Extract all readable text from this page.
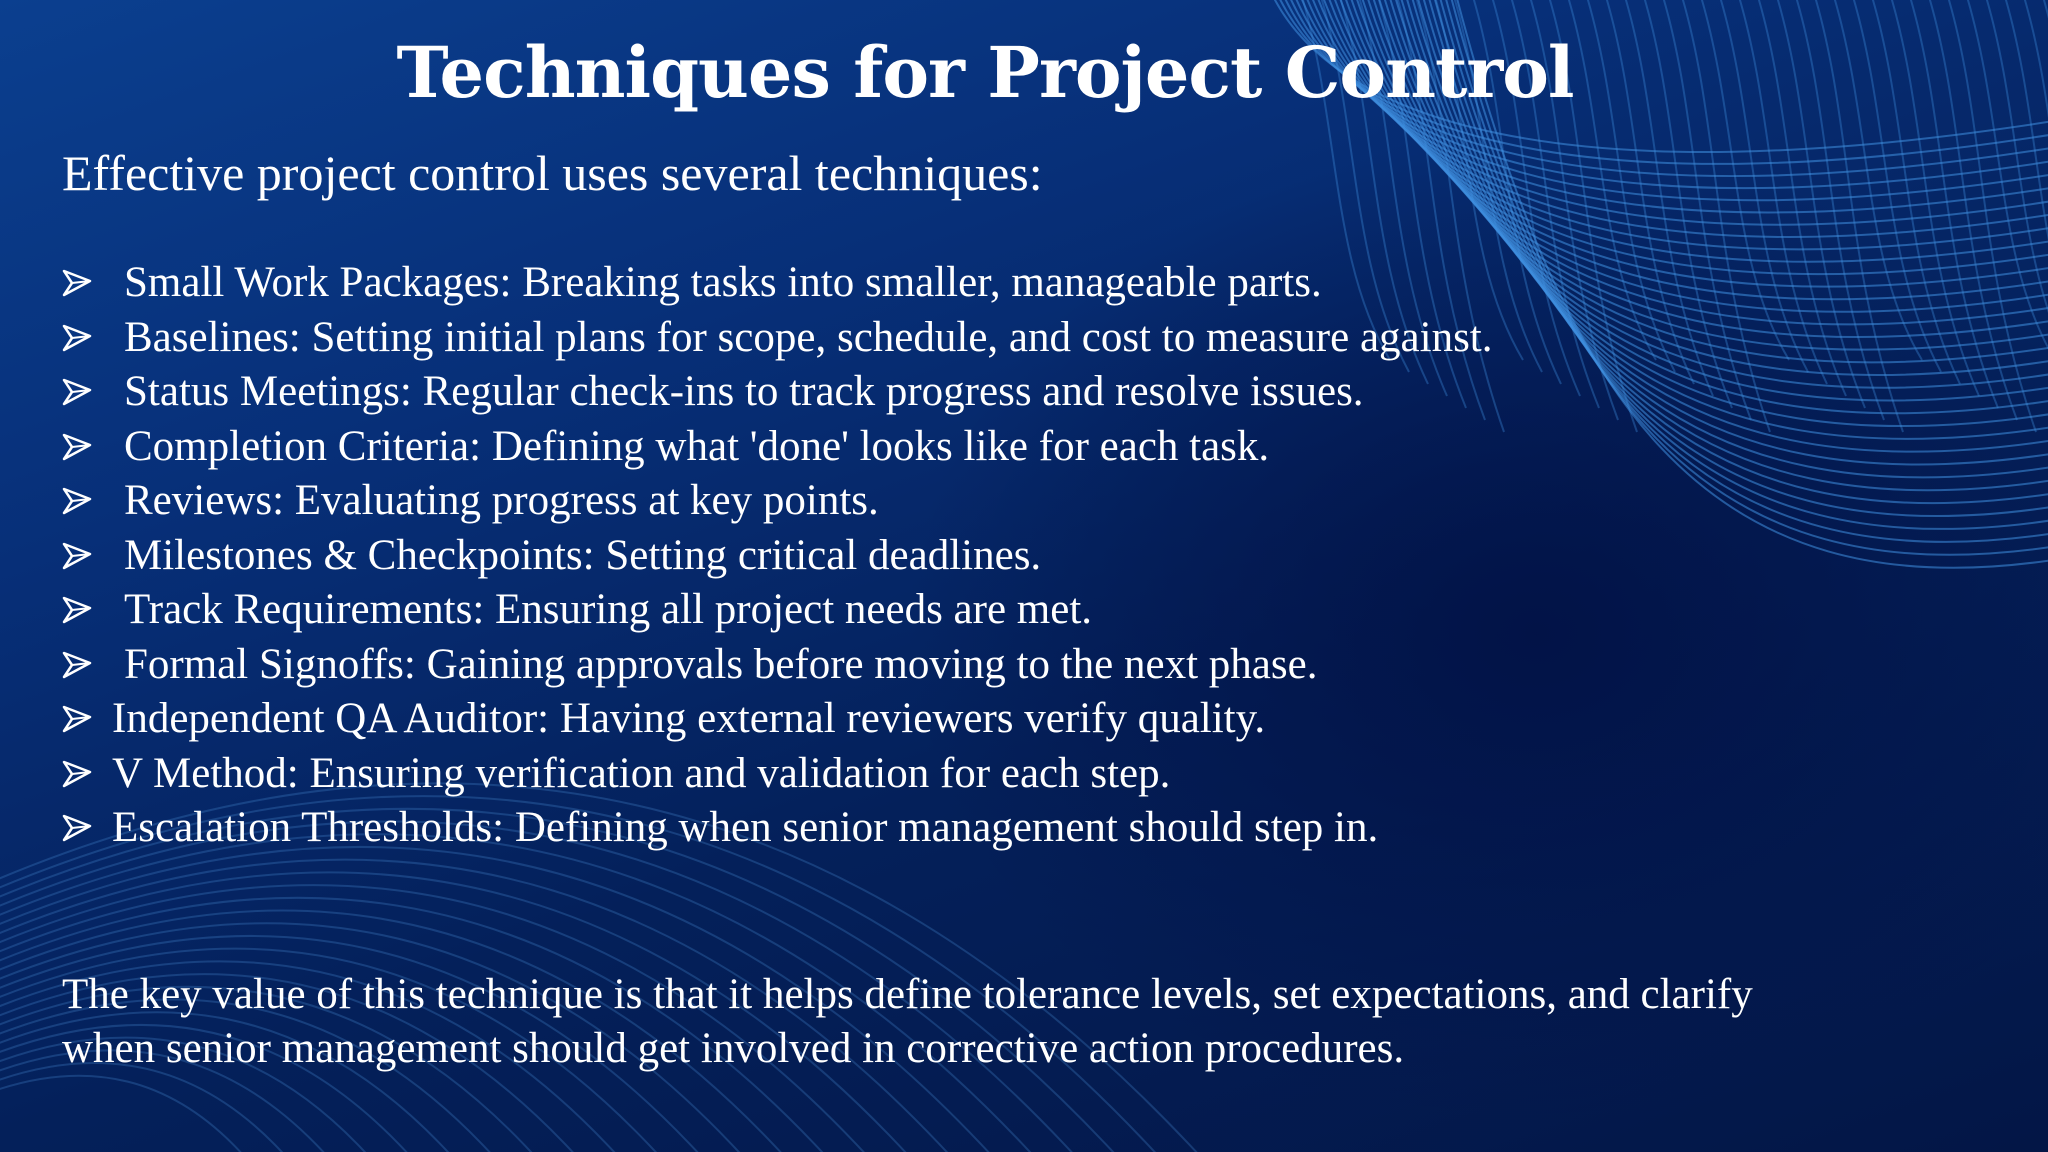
Techniques for Project Control
Effective project control uses several techniques:
Small Work Packages: Breaking tasks into smaller, manageable parts.
Baselines: Setting initial plans for scope, schedule, and cost to measure against.
Status Meetings: Regular check-ins to track progress and resolve issues.
Completion Criteria: Defining what 'done' looks like for each task.
Reviews: Evaluating progress at key points.
Milestones & Checkpoints: Setting critical deadlines.
Track Requirements: Ensuring all project needs are met.
Formal Signoffs: Gaining approvals before moving to the next phase.
Independent QA Auditor: Having external reviewers verify quality.
V Method: Ensuring verification and validation for each step.
Escalation Thresholds: Defining when senior management should step in.
The key value of this technique is that it helps define tolerance levels, set expectations, and clarify
when senior management should get involved in corrective action procedures.
